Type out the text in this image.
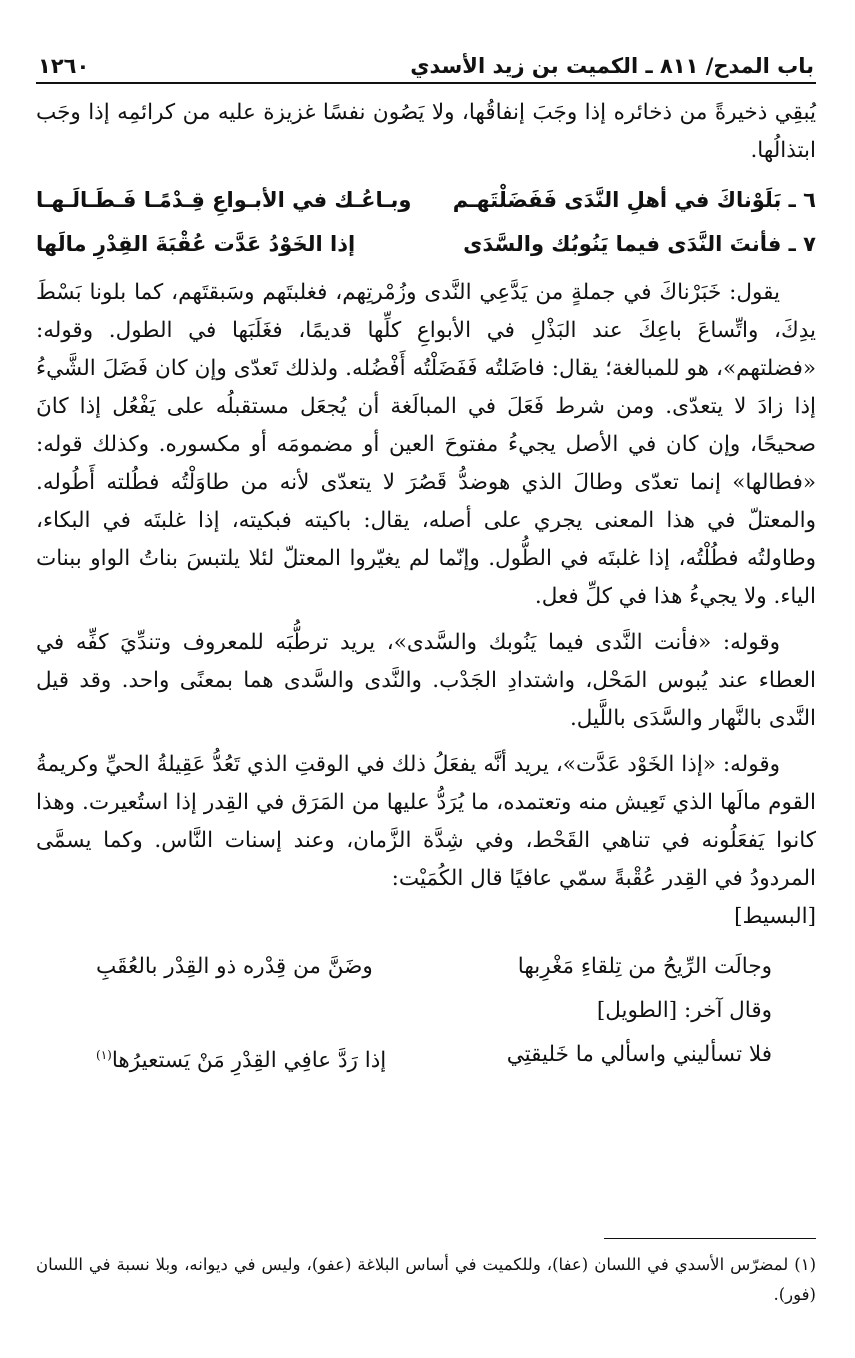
باب المدح/ ٨١١ ـ الكميت بن زيد الأسدي
١٢٦٠

يُبقِي ذخيرةً من ذخائره إذا وجَبَ إنفاقُها، ولا يَصُون نفسًا غزيزة عليه من كرائمِه إذا وجَب ابتذالُها.

٦ ـ بَلَوْناكَ في أهلِ النَّدَى فَفَضَلْتَهـم
وبـاعُـك في الأبـواعِ قِـدْمًـا فَـطَـالَـهـا
٧ ـ فأنتَ النَّدَى فيما يَنُوبُك والسَّدَى
إذا الخَوْدُ عَدَّت عُقْبَةَ القِدْرِ مالَها

يقول: خَبَرْناكَ في جملةٍ من يَدَّعِي النَّدى وزُمْرتِهم، فغلبتَهم وسَبقتَهم، كما بلونا بَسْطَ يدِكَ، واتِّساعَ باعِكَ عند البَذْلِ في الأبواعِ كلِّها قديمًا، فغَلَبَها في الطول. وقوله: «فضلتهم»، هو للمبالغة؛ يقال: فاضَلتُه فَفَضَلْتُه أَفْضُله. ولذلك تَعدّى وإن كان فَضَلَ الشَّيءُ إذا زادَ لا يتعدّى. ومن شرط فَعَلَ في المبالَغة أن يُجعَل مستقبلُه على يَفْعُل إذا كانَ صحيحًا، وإن كان في الأصل يجيءُ مفتوحَ العين أو مضمومَه أو مكسوره. وكذلك قوله: «فطالها» إنما تعدّى وطالَ الذي هوضدُّ قَصُرَ لا يتعدّى لأنه من طاوَلْتُه فطُلته أَطُوله. والمعتلّ في هذا المعنى يجري على أصله، يقال: باكيته فبكيته، إذا غلبتَه في البكاء، وطاولتُه فطُلْتُه، إذا غلبتَه في الطُّول. وإنّما لم يغيّروا المعتلّ لئلا يلتبسَ بناتُ الواو ببنات الياء. ولا يجيءُ هذا في كلِّ فعل.

وقوله: «فأنت النَّدى فيما يَنُوبك والسَّدى»، يريد ترطُّبَه للمعروف وتندِّيَ كفِّه في العطاء عند يُبوس المَحْل، واشتدادِ الجَدْب. والنَّدى والسَّدى هما بمعنًى واحد. وقد قيل النَّدى بالنَّهار والسَّدَى باللَّيل.

وقوله: «إذا الخَوْد عَدَّت»، يريد أنَّه يفعَلُ ذلك في الوقتِ الذي تَعُدُّ عَقِيلةُ الحيِّ وكريمةُ القوم مالَها الذي تَعِيش منه وتعتمده، ما يُرَدُّ عليها من المَرَق في القِدر إذا استُعيرت. وهذا كانوا يَفعَلُونه في تناهي القَحْط، وفي شِدَّة الزَّمان، وعند إسنات النَّاس. وكما يسمَّى المردودُ في القِدر عُقْبةً سمّي عافيًا قال الكُمَيْت:

[البسيط]
وجالَت الرِّيحُ من تِلقاءِ مَغْرِبها
وضَنَّ من قِدْره ذو القِدْر بالعُقَبِ
وقال آخر: [الطويل]
فلا تسأليني واسألي ما خَليقتِي
إذا رَدَّ عافِي القِدْرِ مَنْ يَستعيرُها$^{(١)}$
(١) لمضرّس الأسدي في اللسان (عفا)، وللكميت في أساس البلاغة (عفو)، وليس في ديوانه، وبلا نسبة في اللسان (فور).
